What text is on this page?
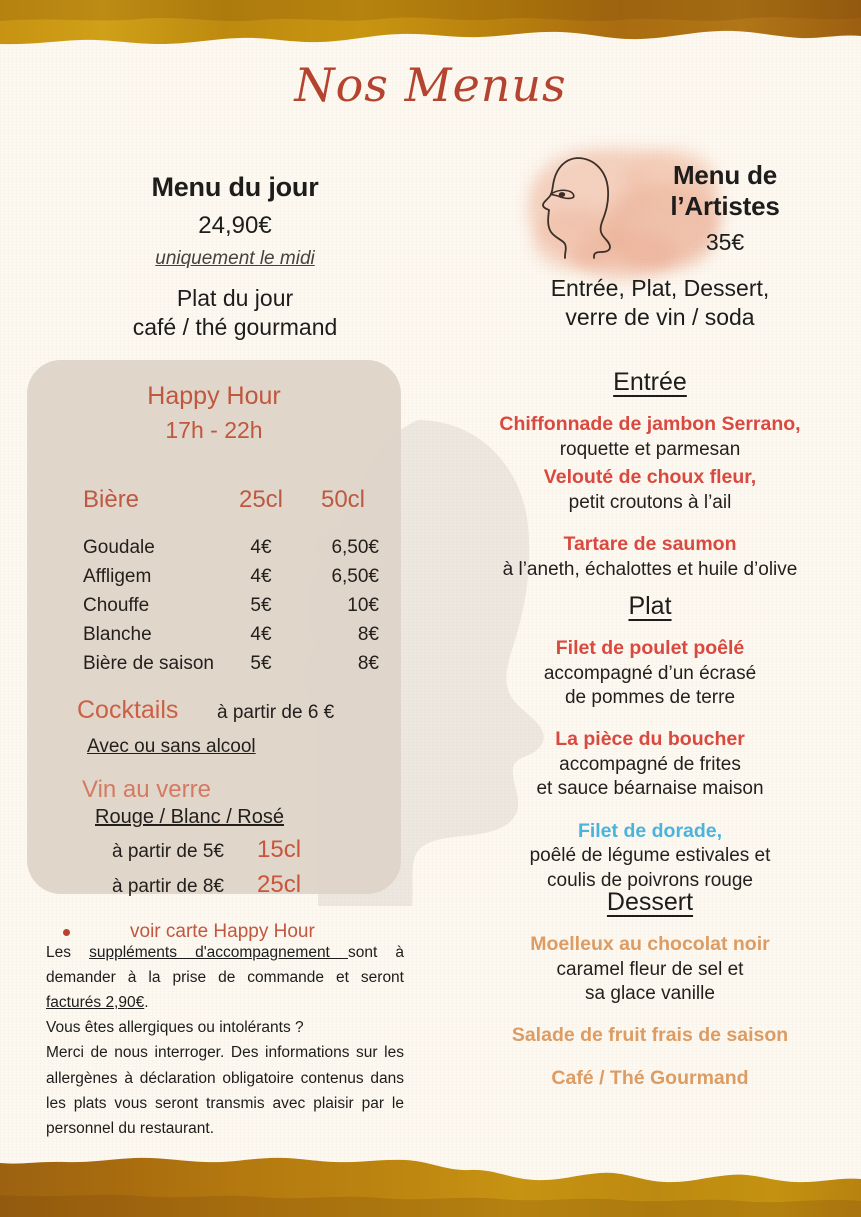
Nos Menus
Menu du jour
24,90€
uniquement le midi
Plat du jour
café / thé gourmand
Menu de
l’Artistes
35€
Entrée, Plat, Dessert,
verre de vin / soda
Happy Hour
17h - 22h
Bière	25cl	50cl
Goudale	4€	6,50€
Affligem	4€	6,50€
Chouffe	5€	10€
Blanche	4€	8€
Bière de saison	5€	8€
Cocktails	à partir de 6 €
Avec ou sans alcool
Vin au verre
Rouge / Blanc / Rosé
à partir de 5€	15cl
à partir de 8€	25cl
voir carte Happy Hour

Les suppléments d'accompagnement sont à demander à la prise de commande et seront facturés 2,90€.

Vous êtes allergiques ou intolérants ?

Merci de nous interroger. Des informations sur les allergènes à déclaration obligatoire contenus dans les plats vous seront transmis avec plaisir par le personnel du restaurant.

Entrée
Chiffonnade de jambon Serrano,
roquette et parmesan
Velouté de choux fleur,
petit croutons à l’ail
Tartare de saumon
à l’aneth, échalottes et huile d’olive
Plat
Filet de poulet poêlé
accompagné d’un écrasé
de pommes de terre
La pièce du boucher
accompagné de frites
et sauce béarnaise maison
Filet de dorade,
poêlé de légume estivales et
coulis de poivrons rouge
Dessert
Moelleux au chocolat noir
caramel fleur de sel et
sa glace vanille
Salade de fruit frais de saison
Café / Thé Gourmand
